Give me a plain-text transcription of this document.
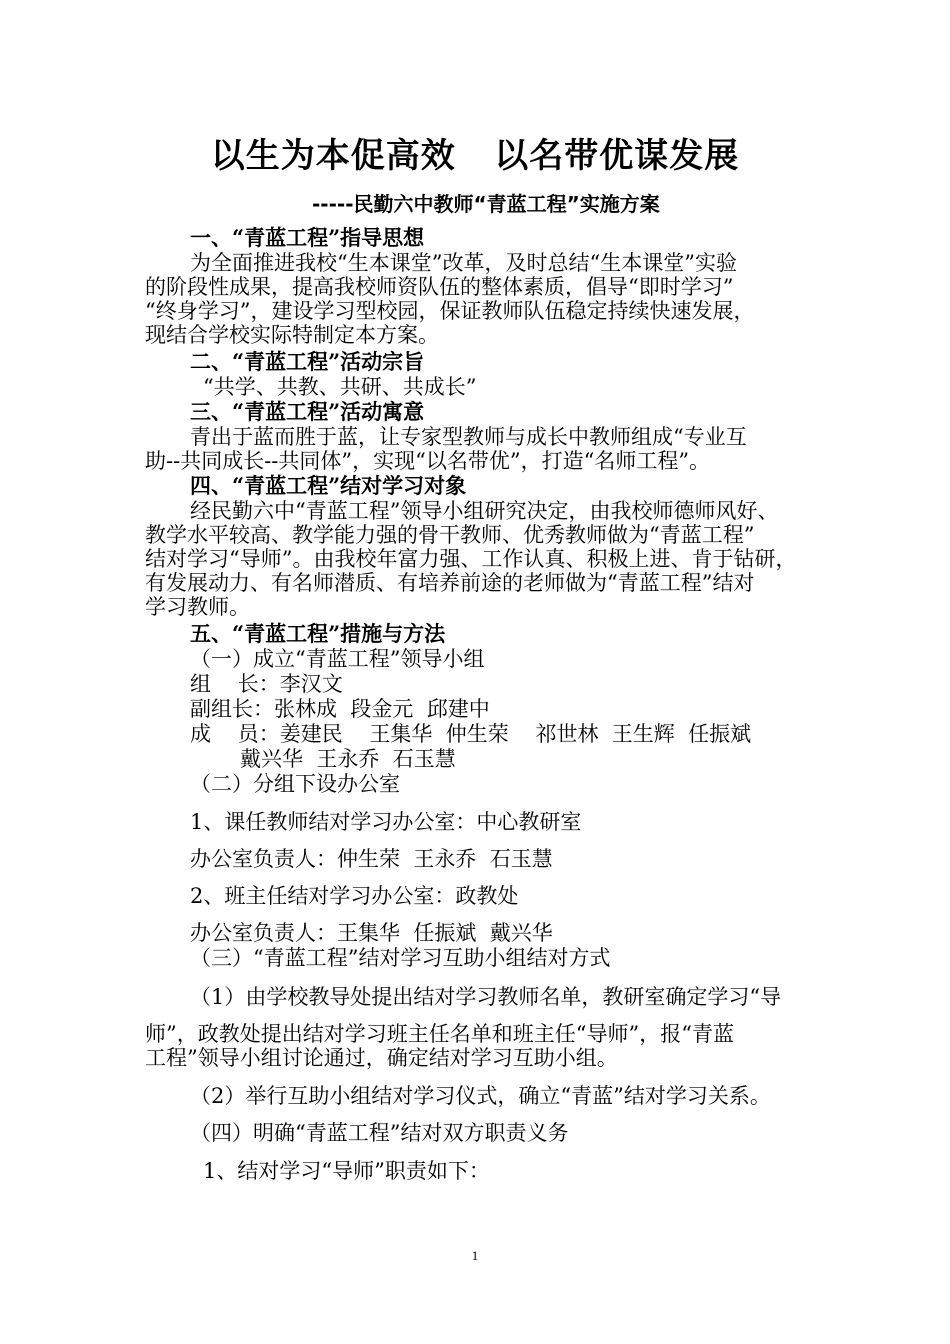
以生为本促高效   以名带优谋发展
-----民勤六中教师“青蓝工程”实施方案
一、“青蓝工程”指导思想
为全面推进我校“生本课堂”改革，及时总结“生本课堂”实验
的阶段性成果，提高我校师资队伍的整体素质，倡导“即时学习”
“终身学习”，建设学习型校园，保证教师队伍稳定持续快速发展，
现结合学校实际特制定本方案。
二、“青蓝工程”活动宗旨
“共学、共教、共研、共成长”
三、“青蓝工程”活动寓意
青出于蓝而胜于蓝，让专家型教师与成长中教师组成“专业互
助--共同成长--共同体”，实现“以名带优”，打造“名师工程”。
四、“青蓝工程”结对学习对象
经民勤六中“青蓝工程”领导小组研究决定，由我校师德师风好、
教学水平较高、教学能力强的骨干教师、优秀教师做为“青蓝工程”
结对学习“导师”。由我校年富力强、工作认真、积极上进、肯于钻研，
有发展动力、有名师潜质、有培养前途的老师做为“青蓝工程”结对
学习教师。
五、“青蓝工程”措施与方法
（一）成立“青蓝工程”领导小组
组    长：李汉文
副组长：张林成  段金元  邱建中
成    员：姜建民    王集华  仲生荣    祁世林  王生辉  任振斌
戴兴华  王永乔  石玉慧
（二）分组下设办公室
1、课任教师结对学习办公室：中心教研室
办公室负责人：仲生荣  王永乔  石玉慧
2、班主任结对学习办公室：政教处
办公室负责人：王集华  任振斌  戴兴华
（三）“青蓝工程”结对学习互助小组结对方式
（1）由学校教导处提出结对学习教师名单，教研室确定学习“导
师”，政教处提出结对学习班主任名单和班主任“导师”，报“青蓝
工程”领导小组讨论通过，确定结对学习互助小组。
（2）举行互助小组结对学习仪式，确立“青蓝”结对学习关系。
（四）明确“青蓝工程”结对双方职责义务
1、结对学习“导师”职责如下：
1
